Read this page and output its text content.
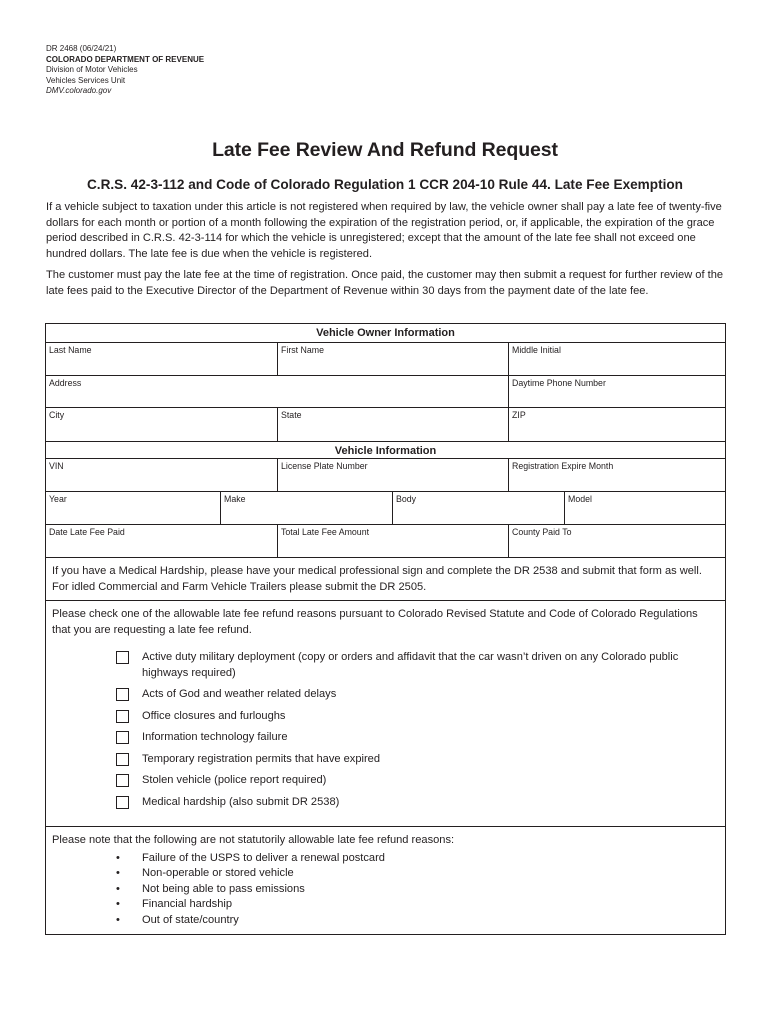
DR 2468 (06/24/21)
COLORADO DEPARTMENT OF REVENUE
Division of Motor Vehicles
Vehicles Services Unit
DMV.colorado.gov
Late Fee Review And Refund Request
C.R.S. 42-3-112 and Code of Colorado Regulation 1 CCR 204-10 Rule 44. Late Fee Exemption
If a vehicle subject to taxation under this article is not registered when required by law, the vehicle owner shall pay a late fee of twenty-five dollars for each month or portion of a month following the expiration of the registration period, or, if applicable, the expiration of the grace period described in C.R.S. 42-3-114 for which the vehicle is unregistered; except that the amount of the late fee shall not exceed one hundred dollars. The late fee is due when the vehicle is registered.
The customer must pay the late fee at the time of registration. Once paid, the customer may then submit a request for further review of the late fees paid to the Executive Director of the Department of Revenue within 30 days from the payment date of the late fee.
Vehicle Owner Information
Last Name	First Name	Middle Initial
Address	Daytime Phone Number
City	State	ZIP
Vehicle Information
VIN	License Plate Number	Registration Expire Month
Year	Make	Body	Model
Date Late Fee Paid	Total Late Fee Amount	County Paid To
If you have a Medical Hardship, please have your medical professional sign and complete the DR 2538 and submit that form as well. For idled Commercial and Farm Vehicle Trailers please submit the DR 2505.
Please check one of the allowable late fee refund reasons pursuant to Colorado Revised Statute and Code of Colorado Regulations that you are requesting a late fee refund.
Active duty military deployment (copy or orders and affidavit that the car wasn’t driven on any Colorado public highways required)
Acts of God and weather related delays
Office closures and furloughs
Information technology failure
Temporary registration permits that have expired
Stolen vehicle (police report required)
Medical hardship (also submit DR 2538)
Please note that the following are not statutorily allowable late fee refund reasons:
• Failure of the USPS to deliver a renewal postcard
• Non-operable or stored vehicle
• Not being able to pass emissions
• Financial hardship
• Out of state/country
